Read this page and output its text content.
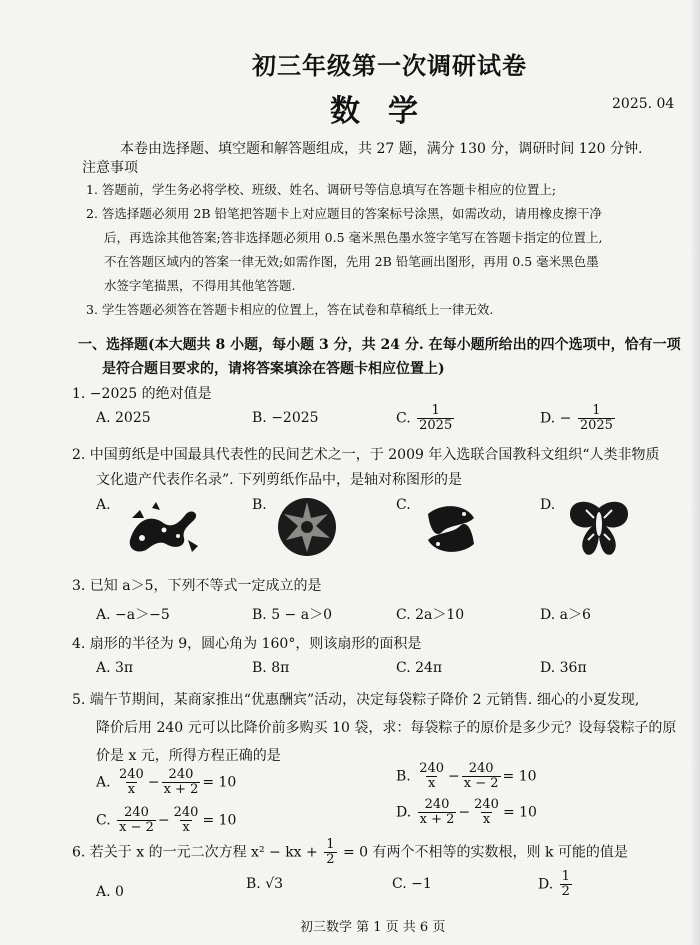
初三年级第一次调研试卷
数学	2025. 04
本卷由选择题、填空题和解答题组成，共 27 题，满分 130 分，调研时间 120 分钟.
注意事项
1. 答题前，学生务必将学校、班级、姓名、调研号等信息填写在答题卡相应的位置上;
2. 答选择题必须用 2B 铅笔把答题卡上对应题目的答案标号涂黑，如需改动，请用橡皮擦干净
后，再选涂其他答案;答非选择题必须用 0.5 毫米黑色墨水签字笔写在答题卡指定的位置上,
不在答题区域内的答案一律无效;如需作图，先用 2B 铅笔画出图形，再用 0.5 毫米黑色墨
水签字笔描黑，不得用其他笔答题.
3. 学生答题必须答在答题卡相应的位置上，答在试卷和草稿纸上一律无效.
一、选择题(本大题共 8 小题，每小题 3 分，共 24 分. 在每小题所给出的四个选项中，恰有一项
是符合题目要求的，请将答案填涂在答题卡相应位置上)
1. −2025 的绝对值是
A. 2025	B. −2025	C. $\frac{1}{2025}$	D. − $\frac{1}{2025}$
2. 中国剪纸是中国最具代表性的民间艺术之一，于 2009 年入选联合国教科文组织“人类非物质
文化遗产代表作名录”. 下列剪纸作品中，是轴对称图形的是
A.	B.	C.	D.
3. 已知 a＞5，下列不等式一定成立的是
A. −a＞−5	B. 5 − a＞0	C. 2a＞10	D. a＞6
4. 扇形的半径为 9，圆心角为 160°，则该扇形的面积是
A. 3π	B. 8π	C. 24π	D. 36π
5. 端午节期间，某商家推出“优惠酬宾”活动，决定每袋粽子降价 2 元销售. 细心的小夏发现,
降价后用 240 元可以比降价前多购买 10 袋，求：每袋粽子的原价是多少元？设每袋粽子的原
价是 x 元，所得方程正确的是
A. $\frac{240}{x} - \frac{240}{x + 2} = 10$	B. $\frac{240}{x} - \frac{240}{x - 2} = 10$
C. $\frac{240}{x - 2} - \frac{240}{x} = 10$	D. $\frac{240}{x + 2} - \frac{240}{x} = 10$
6. 若关于 x 的一元二次方程 x² − kx + $\frac{1}{2} = 0$ 有两个不相等的实数根，则 k 可能的值是
A. 0	B. √3	C. −1	D. $\frac{1}{2}$
初三数学 第 1 页 共 6 页
